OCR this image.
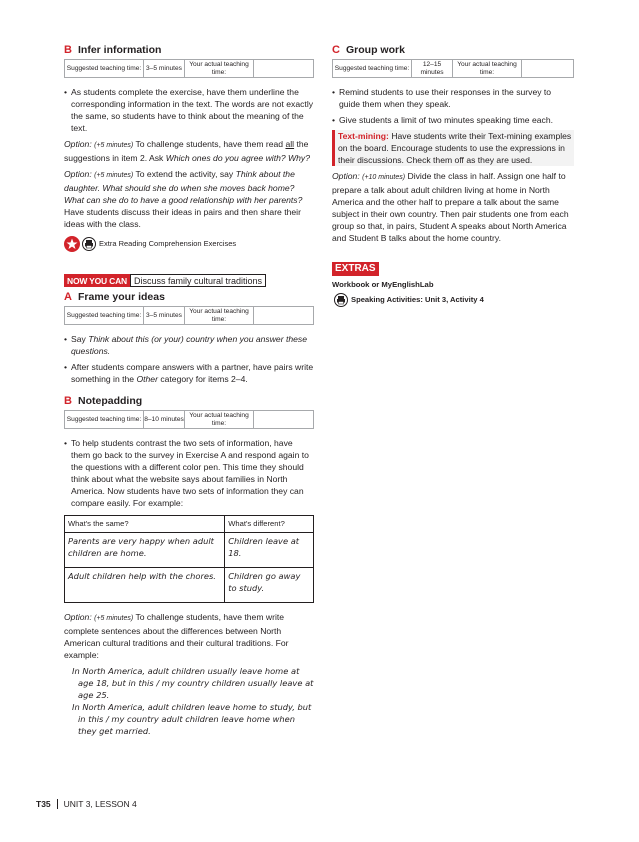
B Infer information
Suggested teaching time: 3–5 minutes
Your actual teaching time:
• As students complete the exercise, have them underline the corresponding information in the text. The words are not exactly the same, so students have to think about the meaning of the text.

Option: (+5 minutes) To challenge students, have them read all the suggestions in item 2. Ask Which ones do you agree with? Why?

Option: (+5 minutes) To extend the activity, say Think about the daughter. What should she do when she moves back home? What can she do to have a good relationship with her parents? Have students discuss their ideas in pairs and then share their ideas with the class.

Extra Reading Comprehension Exercises
NOW YOU CAN Discuss family cultural traditions
A Frame your ideas
Suggested teaching time: 3–5 minutes
Your actual teaching time:
• Say Think about this (or your) country when you answer these questions.
• After students compare answers with a partner, have pairs write something in the Other category for items 2–4.
B Notepadding
Suggested teaching time: 8–10 minutes
Your actual teaching time:
• To help students contrast the two sets of information, have them go back to the survey in Exercise A and respond again to the questions with a different color pen. This time they should think about what the website says about families in North America. Now students have two sets of information they can compare easily. For example:
What's the same?	What's different?
Parents are very happy when adult children are home.	Children leave at 18.
Adult children help with the chores.	Children go away to study.

Option: (+5 minutes) To challenge students, have them write complete sentences about the differences between North American cultural traditions and their cultural traditions. For example:

In North America, adult children usually leave home at age 18, but in this / my country children usually leave at age 25.

In North America, adult children leave home to study, but in this / my country adult children leave home when they get married.

C Group work
Suggested teaching time:
12–15 minutes
Your actual teaching time:
• Remind students to use their responses in the survey to guide them when they speak.
• Give students a limit of two minutes speaking time each.
Text-mining: Have students write their Text-mining examples on the board. Encourage students to use the expressions in their discussions. Check them off as they are used.

Option: (+10 minutes) Divide the class in half. Assign one half to prepare a talk about adult children living at home in North America and the other half to prepare a talk about the same subject in their own country. Then pair students one from each group so that, in pairs, Student A speaks about North America and Student B talks about the home country.

EXTRAS
Workbook or MyEnglishLab
Speaking Activities: Unit 3, Activity 4
T35 UNIT 3, LESSON 4
